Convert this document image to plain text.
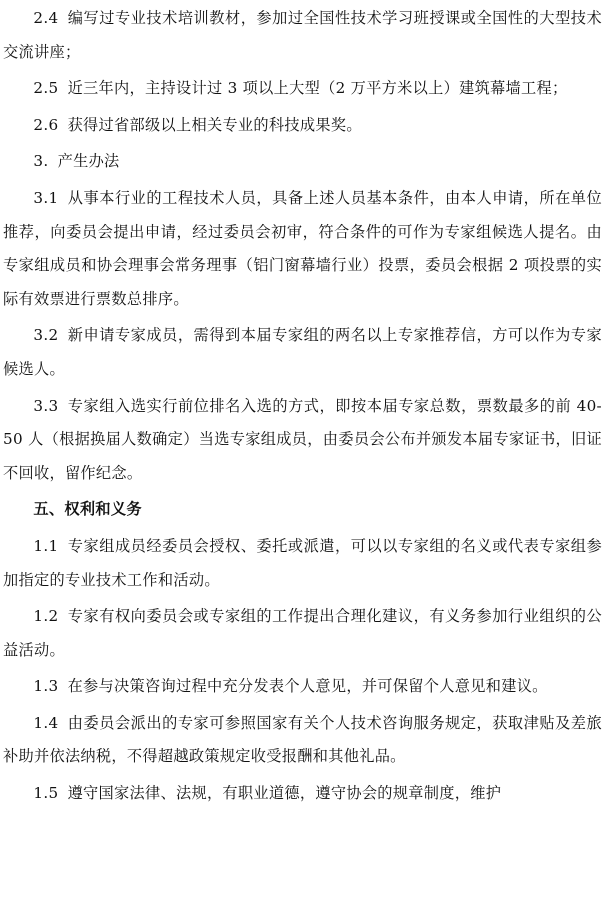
2.4 编写过专业技术培训教材，参加过全国性技术学习班授课或全国性的大型技术交流讲座；

2.5 近三年内，主持设计过 3 项以上大型（2 万平方米以上）建筑幕墙工程；

2.6 获得过省部级以上相关专业的科技成果奖。

3. 产生办法

3.1 从事本行业的工程技术人员，具备上述人员基本条件，由本人申请，所在单位推荐，向委员会提出申请，经过委员会初审，符合条件的可作为专家组候选人提名。由专家组成员和协会理事会常务理事（铝门窗幕墙行业）投票，委员会根据 2 项投票的实际有效票进行票数总排序。

3.2 新申请专家成员，需得到本届专家组的两名以上专家推荐信，方可以作为专家候选人。

3.3 专家组入选实行前位排名入选的方式，即按本届专家总数，票数最多的前 40-50 人（根据换届人数确定）当选专家组成员，由委员会公布并颁发本届专家证书，旧证不回收，留作纪念。

五、权利和义务

1.1 专家组成员经委员会授权、委托或派遣，可以以专家组的名义或代表专家组参加指定的专业技术工作和活动。

1.2 专家有权向委员会或专家组的工作提出合理化建议，有义务参加行业组织的公益活动。

1.3 在参与决策咨询过程中充分发表个人意见，并可保留个人意见和建议。

1.4 由委员会派出的专家可参照国家有关个人技术咨询服务规定，获取津贴及差旅补助并依法纳税，不得超越政策规定收受报酬和其他礼品。

1.5 遵守国家法律、法规，有职业道德，遵守协会的规章制度，维护
